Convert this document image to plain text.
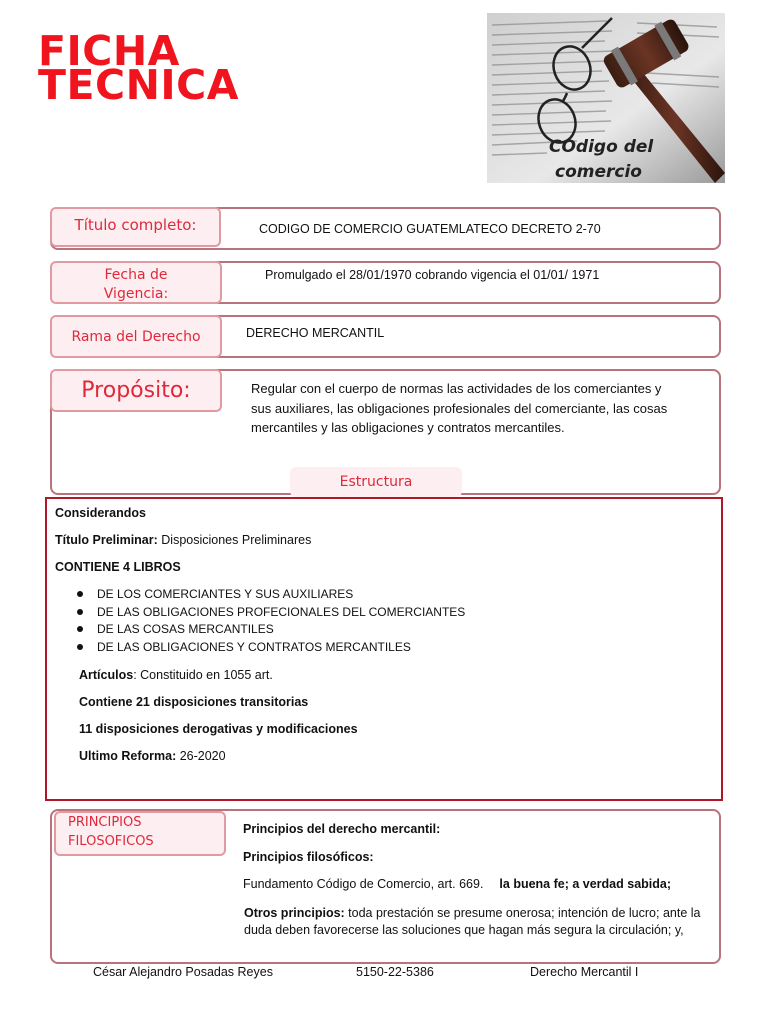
FICHA
TECNICA
COdigo del
comercio
Título completo:	CODIGO DE COMERCIO GUATEMLATECO DECRETO 2-70
Fecha de
Vigencia:
Promulgado el 28/01/1970 cobrando vigencia el 01/01/ 1971
Rama del Derecho	DERECHO MERCANTIL
Propósito:	Regular con el cuerpo de normas las actividades de los comerciantes y
sus auxiliares, las obligaciones profesionales del comerciante, las cosas
mercantiles y las obligaciones y contratos mercantiles.
Estructura
Considerandos
Título Preliminar: Disposiciones Preliminares
CONTIENE 4 LIBROS
DE LOS COMERCIANTES Y SUS AUXILIARES
DE LAS OBLIGACIONES PROFECIONALES DEL COMERCIANTES
DE LAS COSAS MERCANTILES
DE LAS OBLIGACIONES Y CONTRATOS MERCANTILES
Artículos: Constituido en 1055 art.
Contiene 21 disposiciones transitorias
11 disposiciones derogativas y modificaciones
Ultimo Reforma: 26-2020
PRINCIPIOS
FILOSOFICOS
Principios del derecho mercantil:
Principios filosóficos:
Fundamento Código de Comercio, art. 669. la buena fe; a verdad sabida;
Otros principios: toda prestación se presume onerosa; intención de lucro; ante la
duda deben favorecerse las soluciones que hagan más segura la circulación; y,
César Alejandro Posadas Reyes	5150-22-5386	Derecho Mercantil I
